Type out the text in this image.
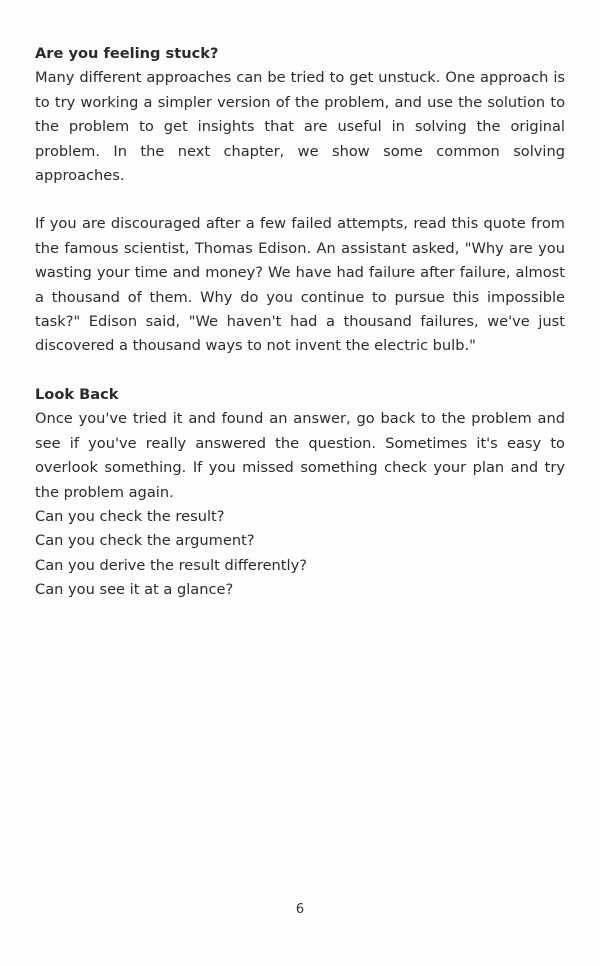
Are you feeling stuck?

Many different approaches can be tried to get unstuck. One approach is to try working a simpler version of the problem, and use the solution to the problem to get insights that are useful in solving the original problem. In the next chapter, we show some common solving approaches.

If you are discouraged after a few failed attempts, read this quote from the famous scientist, Thomas Edison. An assistant asked, "Why are you wasting your time and money? We have had failure after failure, almost a thousand of them. Why do you continue to pursue this impossible task?" Edison said, "We haven't had a thousand failures, we've just discovered a thousand ways to not invent the electric bulb."

Look Back

Once you've tried it and found an answer, go back to the problem and see if you've really answered the question. Sometimes it's easy to overlook something. If you missed something check your plan and try the problem again.

Can you check the result?

Can you check the argument?

Can you derive the result differently?

Can you see it at a glance?

6
